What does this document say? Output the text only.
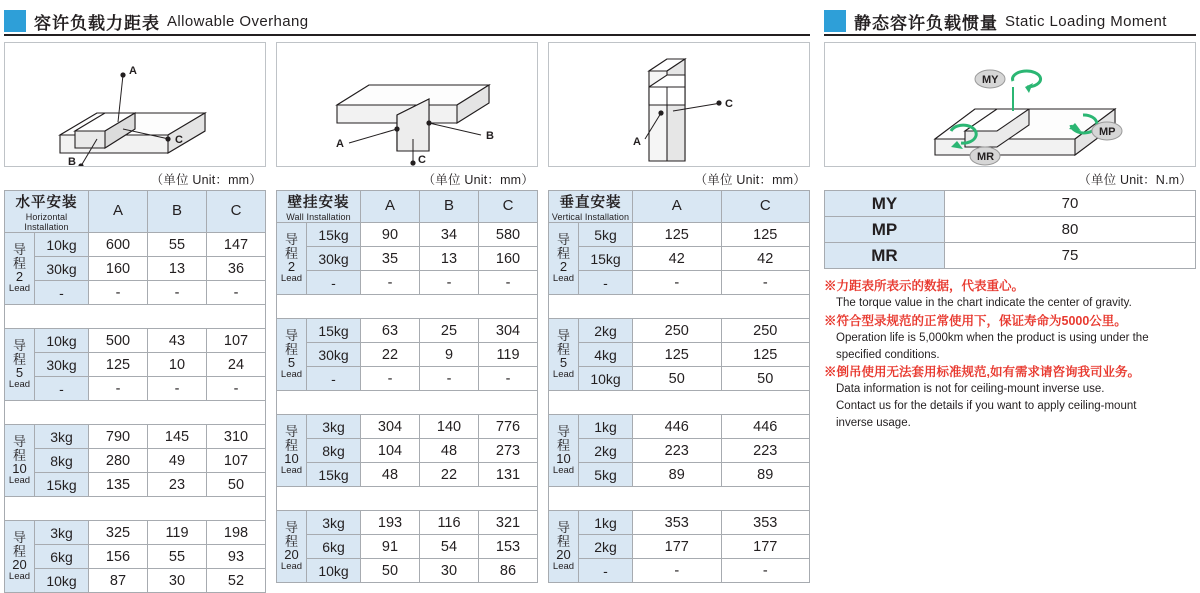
容许负载力距表 Allowable Overhang	静态容许负载惯量 Static Loading Moment
A
B
C
（单位 Unit：mm）
水平安装
Horizontal Installation		A	B	C

导
程
2
Lead	10kg	600	55	147
	30kg	160	13	36
	-	-	-	-

导
程
5
Lead	10kg	500	43	107
	30kg	125	10	24
	-	-	-	-

导
程
10
Lead	3kg	790	145	310
	8kg	280	49	107
	15kg	135	23	50

导
程
20
Lead	3kg	325	119	198
	6kg	156	55	93
	10kg	87	30	52
A
B
C
（单位 Unit：mm）
壁挂安装
Wall Installation		A	B	C

导
程
2
Lead	15kg	90	34	580
	30kg	35	13	160
	-	-	-	-

导
程
5
Lead	15kg	63	25	304
	30kg	22	9	119
	-	-	-	-

导
程
10
Lead	3kg	304	140	776
	8kg	104	48	273
	15kg	48	22	131

导
程
20
Lead	3kg	193	116	321
	6kg	91	54	153
	10kg	50	30	86
C
A
（单位 Unit：mm）
垂直安装
Vertical Installation		A	C

导
程
2
Lead	5kg	125	125
	15kg	42	42
	-	-	-

导
程
5
Lead	2kg	250	250
	4kg	125	125
	10kg	50	50

导
程
10
Lead	1kg	446	446
	2kg	223	223
	5kg	89	89

导
程
20
Lead	1kg	353	353
	2kg	177	177
	-	-	-
MY
MP
MR
（单位 Unit：N.m）
MY	70
MP	80
MR	75
※力距表所表示的数据，代表重心。
The torque value in the chart indicate the center of gravity.
※符合型录规范的正常使用下，保证寿命为5000公里。
Operation life is 5,000km when the product is using under the
specified conditions.
※倒吊使用无法套用标准规范,如有需求请咨询我司业务。
Data information is not for ceiling-mount inverse use.
Contact us for the details if you want to apply ceiling-mount
inverse usage.
